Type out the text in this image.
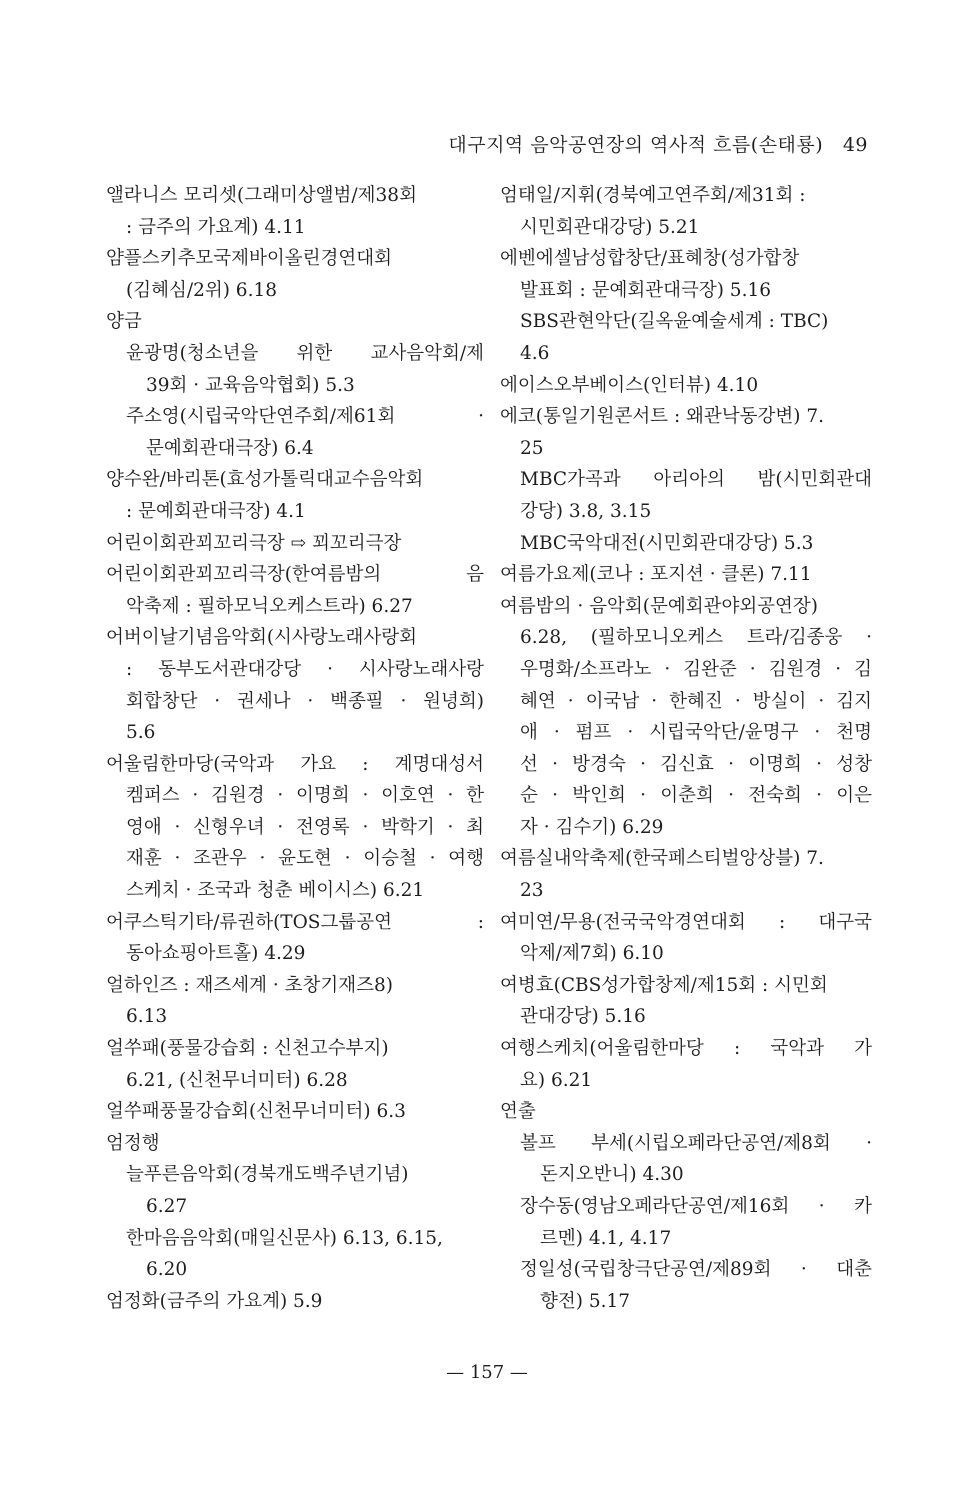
대구지역 음악공연장의 역사적 흐름(손태룡) 49
앨라니스 모리셋(그래미상앨범/제38회
: 금주의 가요계) 4.11
얌플스키추모국제바이올린경연대회
(김혜심/2위) 6.18
양금
윤광명(청소년을 위한 교사음악회/제
39회 · 교육음악협회) 5.3
주소영(시립국악단연주회/제61회 ·
문예회관대극장) 6.4
양수완/바리톤(효성가톨릭대교수음악회
: 문예회관대극장) 4.1
어린이회관꾀꼬리극장 ⇨ 꾀꼬리극장
어린이회관꾀꼬리극장(한여름밤의 음
악축제 : 필하모닉오케스트라) 6.27
어버이날기념음악회(시사랑노래사랑회
: 동부도서관대강당 · 시사랑노래사랑
회합창단 · 권세나 · 백종필 · 원녕희)
5.6
어울림한마당(국악과 가요 : 계명대성서
켐퍼스 · 김원경 · 이명희 · 이호연 · 한
영애 · 신형우녀 · 전영록 · 박학기 · 최
재훈 · 조관우 · 윤도현 · 이승철 · 여행
스케치 · 조국과 청춘 베이시스) 6.21
어쿠스틱기타/류권하(TOS그룹공연 :
동아쇼핑아트홀) 4.29
얼하인즈 : 재즈세계 · 초창기재즈8)
6.13
얼쑤패(풍물강습회 : 신천고수부지)
6.21, (신천무너미터) 6.28
얼쑤패풍물강습회(신천무너미터) 6.3
엄정행
늘푸른음악회(경북개도백주년기념)
6.27
한마음음악회(매일신문사) 6.13, 6.15,
6.20
엄정화(금주의 가요계) 5.9
엄태일/지휘(경북예고연주회/제31회 :
시민회관대강당) 5.21
에벤에셀남성합창단/표혜창(성가합창
발표회 : 문예회관대극장) 5.16
SBS관현악단(길옥윤예술세계 : TBC)
4.6
에이스오부베이스(인터뷰) 4.10
에코(통일기원콘서트 : 왜관낙동강변) 7.
25
MBC가곡과 아리아의 밤(시민회관대
강당) 3.8, 3.15
MBC국악대전(시민회관대강당) 5.3
여름가요제(코나 : 포지션 · 클론) 7.11
여름밤의 · 음악회(문예회관야외공연장)
6.28, (필하모니오케스 트라/김종웅 ·
우명화/소프라노 · 김완준 · 김원경 · 김
혜연 · 이국남 · 한혜진 · 방실이 · 김지
애 · 펌프 · 시립국악단/윤명구 · 천명
선 · 방경숙 · 김신효 · 이명희 · 성창
순 · 박인희 · 이춘희 · 전숙희 · 이은
자 · 김수기) 6.29
여름실내악축제(한국페스티벌앙상블) 7.
23
여미연/무용(전국국악경연대회 : 대구국
악제/제7회) 6.10
여병효(CBS성가합창제/제15회 : 시민회
관대강당) 5.16
여행스케치(어울림한마당 : 국악과 가
요) 6.21
연출
볼프 부세(시립오페라단공연/제8회 ·
돈지오반니) 4.30
장수동(영남오페라단공연/제16회 · 카
르멘) 4.1, 4.17
정일성(국립창극단공연/제89회 · 대춘
향전) 5.17
— 157 —
